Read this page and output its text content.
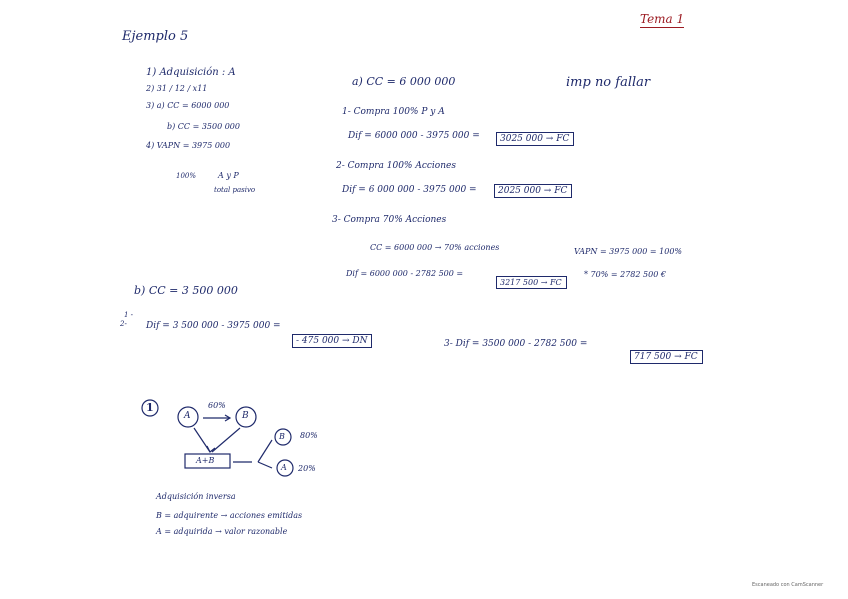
Tema 1
Ejemplo 5
imp no fallar
1) Adquisición : A
2) 31 / 12 / x11
3) a) CC = 6000 000
b) CC = 3500 000
4) VAPN = 3975 000
100%	A y P
total pasivo
a) CC = 6 000 000
1- Compra 100% P y A
Dif = 6000 000 - 3975 000 =	3025 000 → FC
2- Compra 100% Acciones
Dif = 6 000 000 - 3975 000 =	2025 000 → FC
3- Compra 70% Acciones
CC = 6000 000 → 70% acciones	VAPN = 3975 000 = 100%
* 70% = 2782 500 €
Dif = 6000 000 - 2782 500 =
3217 500 → FC
b) CC = 3 500 000
1 -
2- Dif = 3 500 000 - 3975 000 =
- 475 000 → DN	3- Dif = 3500 000 - 2782 500 =
717 500 → FC
1
A	B
60%
A+B
B 80%
A 20%
Adquisición inversa
B = adquirente → acciones emitidas
A = adquirida → valor razonable
Escaneado con CamScanner
